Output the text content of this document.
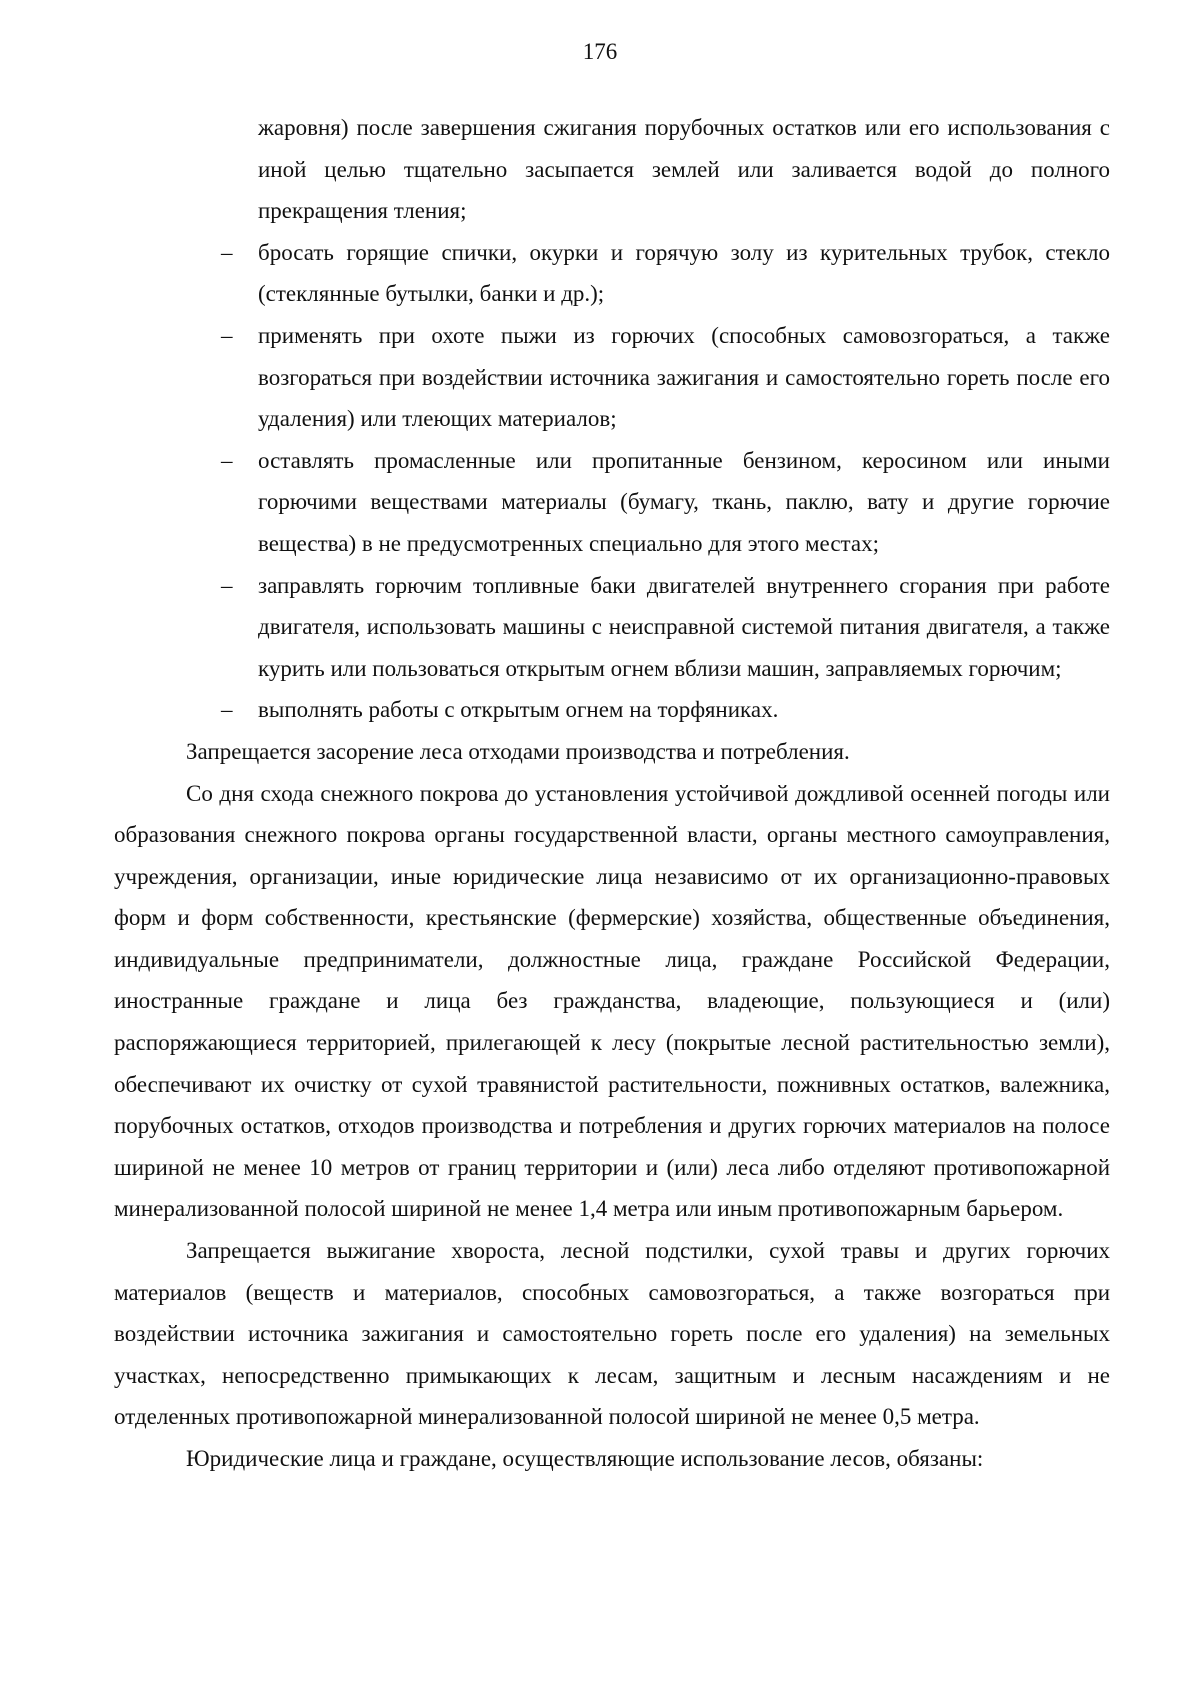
176

жаровня) после завершения сжигания порубочных остатков или его использования с иной целью тщательно засыпается землей или заливается водой до полного прекращения тления;

– бросать горящие спички, окурки и горячую золу из курительных трубок, стекло (стеклянные бутылки, банки и др.);

– применять при охоте пыжи из горючих (способных самовозгораться, а также возгораться при воздействии источника зажигания и самостоятельно гореть после его удаления) или тлеющих материалов;

– оставлять промасленные или пропитанные бензином, керосином или иными горючими веществами материалы (бумагу, ткань, паклю, вату и другие горючие вещества) в не предусмотренных специально для этого местах;

– заправлять горючим топливные баки двигателей внутреннего сгорания при работе двигателя, использовать машины с неисправной системой питания двигателя, а также курить или пользоваться открытым огнем вблизи машин, заправляемых горючим;

– выполнять работы с открытым огнем на торфяниках.

Запрещается засорение леса отходами производства и потребления.

Со дня схода снежного покрова до установления устойчивой дождливой осенней погоды или образования снежного покрова органы государственной власти, органы местного самоуправления, учреждения, организации, иные юридические лица независимо от их организационно-правовых форм и форм собственности, крестьянские (фермерские) хозяйства, общественные объединения, индивидуальные предприниматели, должностные лица, граждане Российской Федерации, иностранные граждане и лица без гражданства, владеющие, пользующиеся и (или) распоряжающиеся территорией, прилегающей к лесу (покрытые лесной растительностью земли), обеспечивают их очистку от сухой травянистой растительности, пожнивных остатков, валежника, порубочных остатков, отходов производства и потребления и других горючих материалов на полосе шириной не менее 10 метров от границ территории и (или) леса либо отделяют противопожарной минерализованной полосой шириной не менее 1,4 метра или иным противопожарным барьером.

Запрещается выжигание хвороста, лесной подстилки, сухой травы и других горючих материалов (веществ и материалов, способных самовозгораться, а также возгораться при воздействии источника зажигания и самостоятельно гореть после его удаления) на земельных участках, непосредственно примыкающих к лесам, защитным и лесным насаждениям и не отделенных противопожарной минерализованной полосой шириной не менее 0,5 метра.

Юридические лица и граждане, осуществляющие использование лесов, обязаны:
